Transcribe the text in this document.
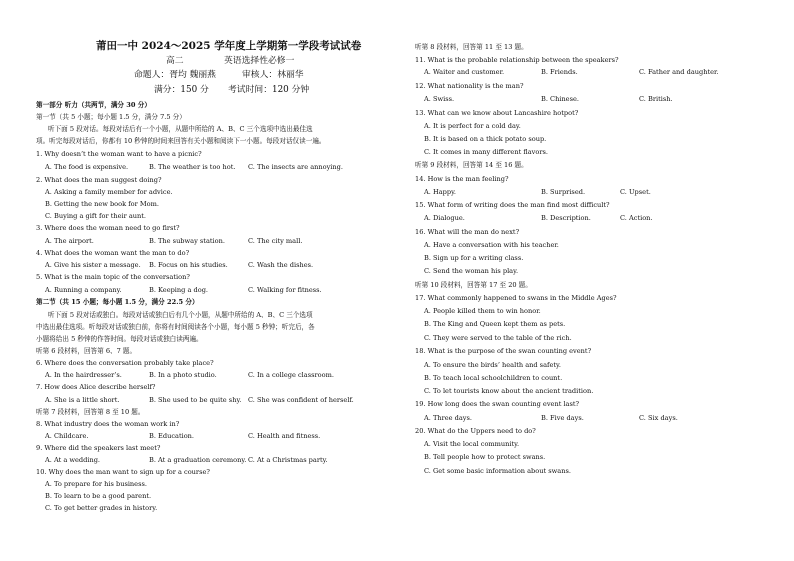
莆田一中 2024～2025 学年度上学期第一学段考试试卷
高二	英语选择性必修一
命题人：胥均 魏丽燕	审核人：林丽华
满分：150 分 考试时间：120 分钟
第一部分 听力（共两节，满分 30 分）
第一节（共 5 小题；每小题 1.5 分，满分 7.5 分）
听下面 5 段对话。每段对话后有一个小题，从题中所给的 A、B、C 三个选项中选出最佳选
项。听完每段对话后，你都有 10 秒钟的时间来回答有关小题和阅读下一小题。每段对话仅读一遍。
1. Why doesn’t the woman want to have a picnic?
A. The food is expensive.	B. The weather is too hot. C. The insects are annoying.
2. What does the man suggest doing?
A. Asking a family member for advice.
B. Getting the new book for Mom.
C. Buying a gift for their aunt.
3. Where does the woman need to go first?
A. The airport.	B. The subway station.	C. The city mall.
4. What does the woman want the man to do?
A. Give his sister a message. B. Focus on his studies.	C. Wash the dishes.
5. What is the main topic of the conversation?
A. Running a company.	B. Keeping a dog.	C. Walking for fitness.
第二节（共 15 小题；每小题 1.5 分，满分 22.5 分）
听下面 5 段对话或独白。每段对话或独白后有几个小题，从题中所给的 A、B、C 三个选项
中选出最佳选项。听每段对话或独白前，你将有时间阅读各个小题，每小题 5 秒钟；听完后，各
小题将给出 5 秒钟的作答时间。每段对话或独白读两遍。
听第 6 段材料，回答第 6、7 题。
6. Where does the conversation probably take place?
A. In the hairdresser’s.	B. In a photo studio.	C. In a college classroom.
7. How does Alice describe herself?
A. She is a little short.	B. She used to be quite shy. C. She was confident of herself.
听第 7 段材料，回答第 8 至 10 题。
8. What industry does the woman work in?
A. Childcare.	B. Education.	C. Health and fitness.
9. Where did the speakers last meet?
A. At a wedding.	B. At a graduation ceremony. C. At a Christmas party.
10. Why does the man want to sign up for a course?
A. To prepare for his business.
B. To learn to be a good parent.
C. To get better grades in history.
听第 8 段材料，回答第 11 至 13 题。
11. What is the probable relationship between the speakers?
A. Waiter and customer.	B. Friends.	C. Father and daughter.
12. What nationality is the man?
A. Swiss.	B. Chinese.	C. British.
13. What can we know about Lancashire hotpot?
A. It is perfect for a cold day.
B. It is based on a thick potato soup.
C. It comes in many different flavors.
听第 9 段材料，回答第 14 至 16 题。
14. How is the man feeling?
A. Happy.	B. Surprised.	C. Upset.
15. What form of writing does the man find most difficult?
A. Dialogue.	B. Description.	C. Action.
16. What will the man do next?
A. Have a conversation with his teacher.
B. Sign up for a writing class.
C. Send the woman his play.
听第 10 段材料，回答第 17 至 20 题。
17. What commonly happened to swans in the Middle Ages?
A. People killed them to win honor.
B. The King and Queen kept them as pets.
C. They were served to the table of the rich.
18. What is the purpose of the swan counting event?
A. To ensure the birds’ health and safety.
B. To teach local schoolchildren to count.
C. To let tourists know about the ancient tradition.
19. How long does the swan counting event last?
A. Three days.	B. Five days.	C. Six days.
20. What do the Uppers need to do?
A. Visit the local community.
B. Tell people how to protect swans.
C. Get some basic information about swans.
